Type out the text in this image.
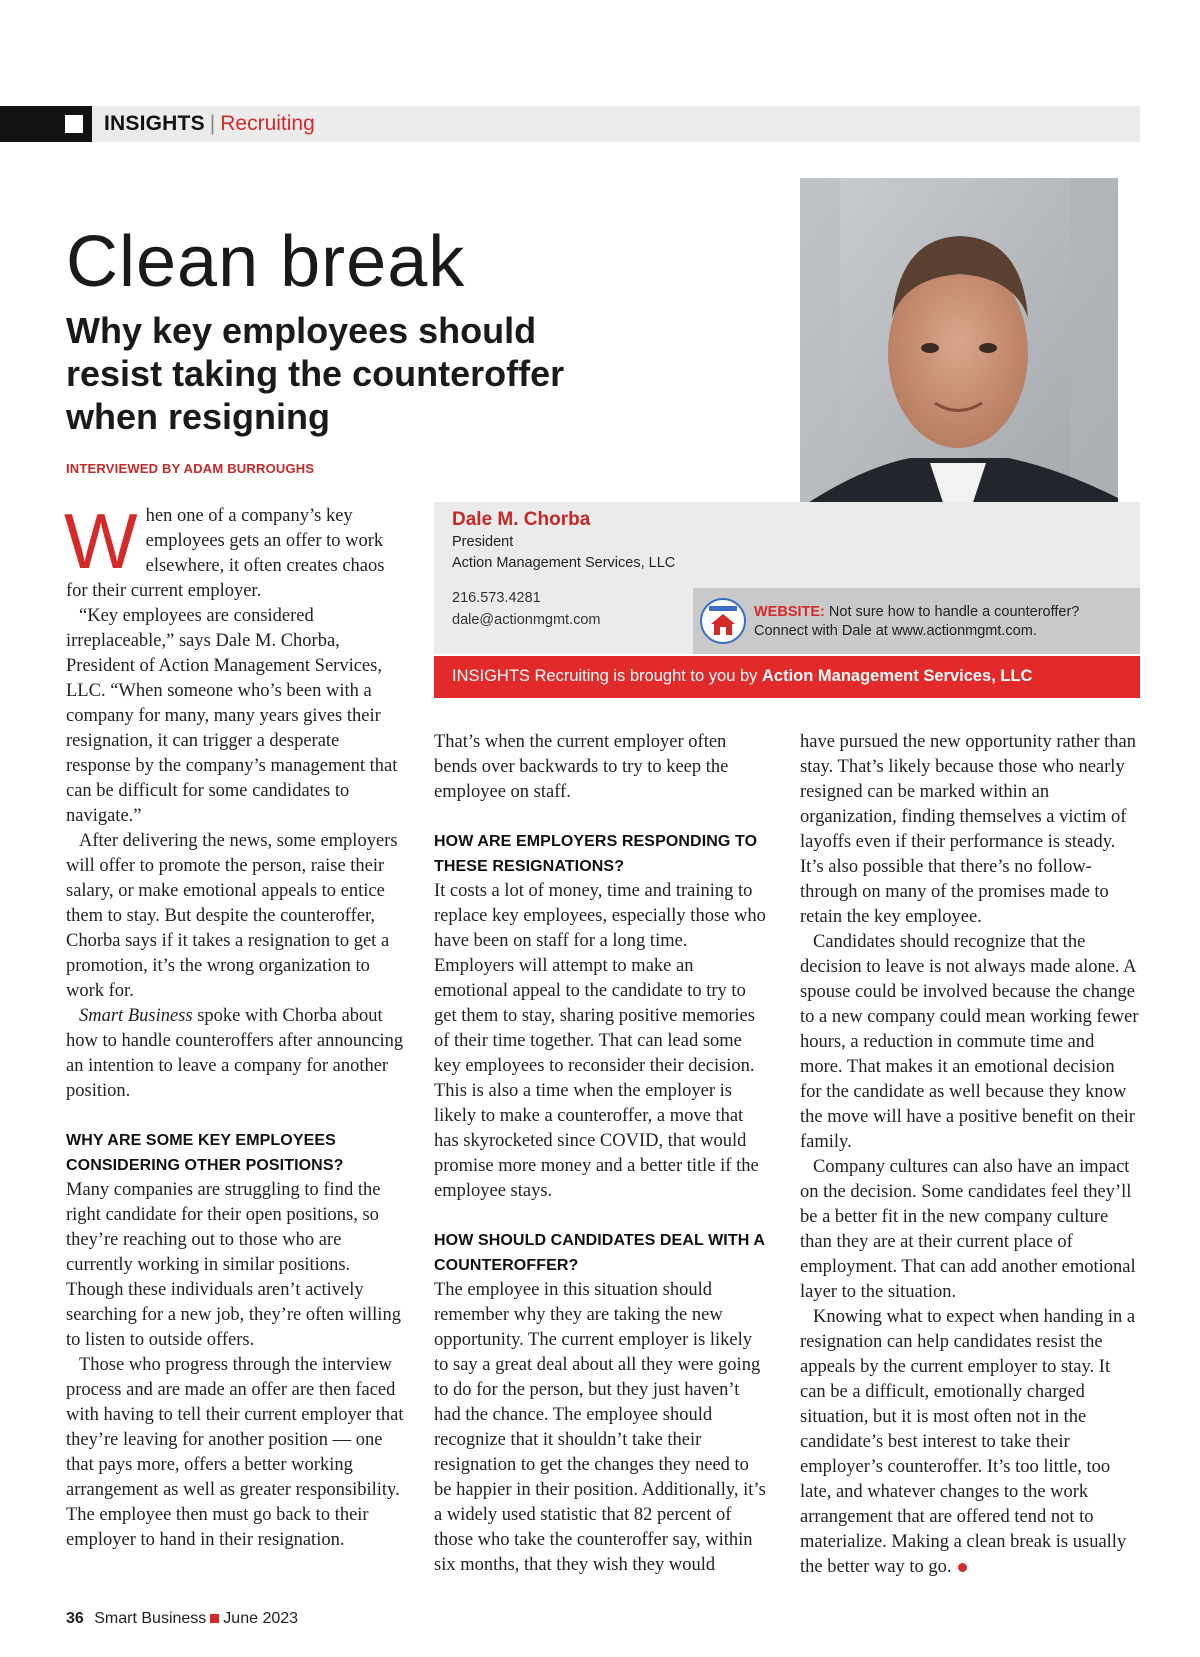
INSIGHTS | Recruiting
Clean break
Why key employees should resist taking the counteroffer when resigning
INTERVIEWED BY ADAM BURROUGHS
Dale M. Chorba
President
Action Management Services, LLC
216.573.4281
dale@actionmgmt.com	WEBSITE: Not sure how to handle a counteroffer? Connect with Dale at www.actionmgmt.com.
INSIGHTS Recruiting is brought to you by Action Management Services, LLC

When one of a company’s key employees gets an offer to work elsewhere, it often creates chaos for their current employer.

“Key employees are considered irreplaceable,” says Dale M. Chorba, President of Action Management Services, LLC. “When someone who’s been with a company for many, many years gives their resignation, it can trigger a desperate response by the company’s management that can be difficult for some candidates to navigate.”

After delivering the news, some employers will offer to promote the person, raise their salary, or make emotional appeals to entice them to stay. But despite the counteroffer, Chorba says if it takes a resignation to get a promotion, it’s the wrong organization to work for.

Smart Business spoke with Chorba about how to handle counteroffers after announcing an intention to leave a company for another position.

WHY ARE SOME KEY EMPLOYEES CONSIDERING OTHER POSITIONS?

Many companies are struggling to find the right candidate for their open positions, so they’re reaching out to those who are currently working in similar positions. Though these individuals aren’t actively searching for a new job, they’re often willing to listen to outside offers.

Those who progress through the interview process and are made an offer are then faced with having to tell their current employer that they’re leaving for another position — one that pays more, offers a better working arrangement as well as greater responsibility. The employee then must go back to their employer to hand in their resignation.

That’s when the current employer often bends over backwards to try to keep the employee on staff.

HOW ARE EMPLOYERS RESPONDING TO THESE RESIGNATIONS?

It costs a lot of money, time and training to replace key employees, especially those who have been on staff for a long time. Employers will attempt to make an emotional appeal to the candidate to try to get them to stay, sharing positive memories of their time together. That can lead some key employees to reconsider their decision. This is also a time when the employer is likely to make a counteroffer, a move that has skyrocketed since COVID, that would promise more money and a better title if the employee stays.

HOW SHOULD CANDIDATES DEAL WITH A COUNTEROFFER?

The employee in this situation should remember why they are taking the new opportunity. The current employer is likely to say a great deal about all they were going to do for the person, but they just haven’t had the chance. The employee should recognize that it shouldn’t take their resignation to get the changes they need to be happier in their position. Additionally, it’s a widely used statistic that 82 percent of those who take the counteroffer say, within six months, that they wish they would

have pursued the new opportunity rather than stay. That’s likely because those who nearly resigned can be marked within an organization, finding themselves a victim of layoffs even if their performance is steady. It’s also possible that there’s no follow-through on many of the promises made to retain the key employee.

Candidates should recognize that the decision to leave is not always made alone. A spouse could be involved because the change to a new company could mean working fewer hours, a reduction in commute time and more. That makes it an emotional decision for the candidate as well because they know the move will have a positive benefit on their family.

Company cultures can also have an impact on the decision. Some candidates feel they’ll be a better fit in the new company culture than they are at their current place of employment. That can add another emotional layer to the situation.

Knowing what to expect when handing in a resignation can help candidates resist the appeals by the current employer to stay. It can be a difficult, emotionally charged situation, but it is most often not in the candidate’s best interest to take their employer’s counteroffer. It’s too little, too late, and whatever changes to the work arrangement that are offered tend not to materialize. Making a clean break is usually the better way to go.

36 Smart Business June 2023
